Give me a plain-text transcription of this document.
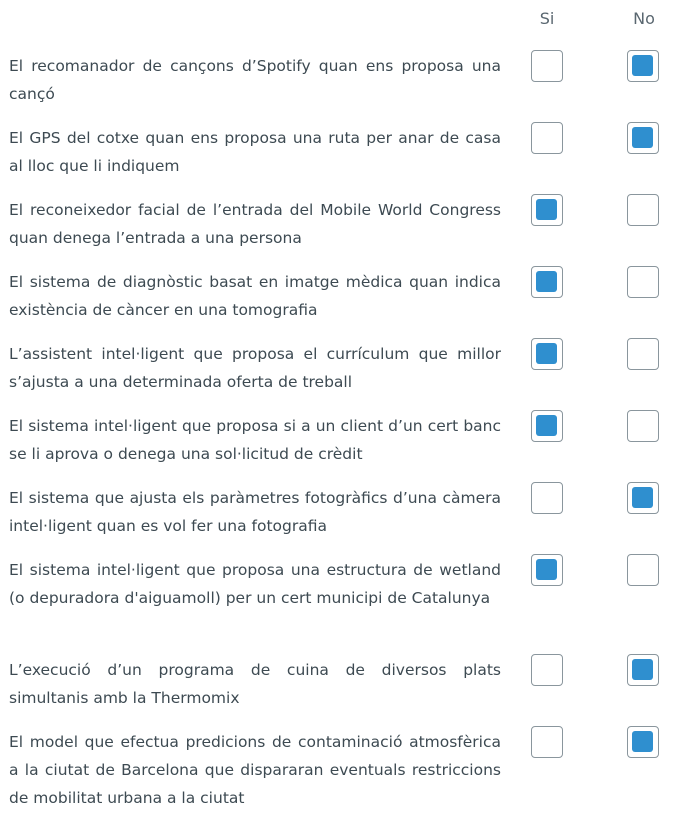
Si	No
El recomanador de cançons d’Spotify quan ens proposa una cançó
El GPS del cotxe quan ens proposa una ruta per anar de casa al lloc que li indiquem
El reconeixedor facial de l’entrada del Mobile World Congress quan denega l’entrada a una persona
El sistema de diagnòstic basat en imatge mèdica quan indica existència de càncer en una tomografia
L’assistent intel·ligent que proposa el currículum que millor s’ajusta a una determinada oferta de treball
El sistema intel·ligent que proposa si a un client d’un cert banc se li aprova o denega una sol·licitud de crèdit
El sistema que ajusta els paràmetres fotogràfics d’una càmera intel·ligent quan es vol fer una fotografia
El sistema intel·ligent que proposa una estructura de wetland (o depuradora d'aiguamoll) per un cert municipi de Catalunya
L’execució d’un programa de cuina de diversos plats simultanis amb la Thermomix
El model que efectua predicions de contaminació atmosfèrica a la ciutat de Barcelona que dispararan eventuals restriccions de mobilitat urbana a la ciutat
